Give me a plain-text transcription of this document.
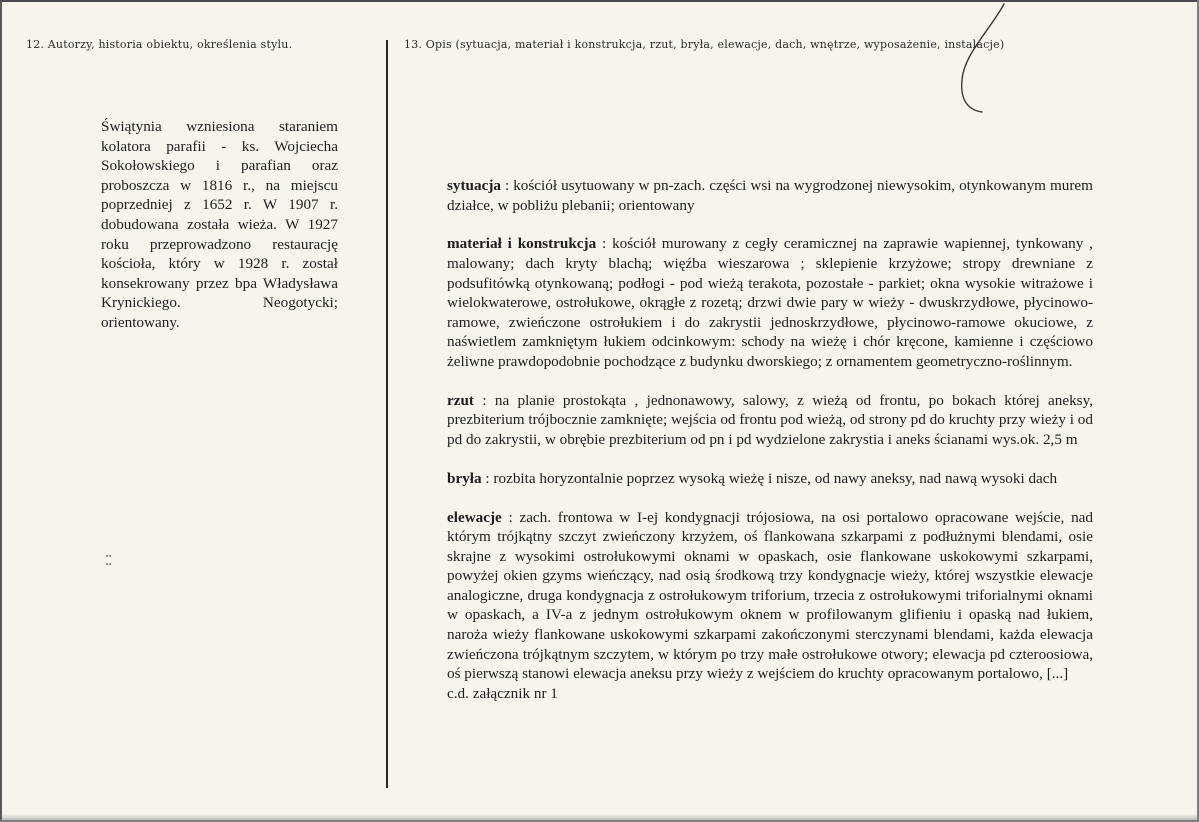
12. Autorzy, historia obiektu, określenia stylu.	13. Opis (sytuacja, materiał i konstrukcja, rzut, bryła, elewacje, dach, wnętrze, wyposażenie, instalacje)
Świątynia wzniesiona staraniem kolatora parafii - ks. Wojciecha Sokołowskiego i parafian oraz proboszcza w 1816 r., na miejscu poprzedniej z 1652 r. W 1907 r. dobudowana została wieża. W 1927 roku przeprowadzono restaurację kościoła, który w 1928 r. został konsekrowany przez bpa Władysława Krynickiego. Neogotycki; orientowany.
⁚⁚
sytuacja : kościół usytuowany w pn-zach. części wsi na wygrodzonej niewysokim, otynkowanym murem działce, w pobliżu plebanii; orientowany
materiał i konstrukcja : kościół murowany z cegły ceramicznej na zaprawie wapiennej, tynkowany , malowany; dach kryty blachą; więźba wieszarowa ; sklepienie krzyżowe; stropy drewniane z podsufitówką otynkowaną; podłogi - pod wieżą terakota, pozostałe - parkiet; okna wysokie witrażowe i wielokwaterowe, ostrołukowe, okrągłe z rozetą; drzwi dwie pary w wieży - dwuskrzydłowe, płycinowo-ramowe, zwieńczone ostrołukiem i do zakrystii jednoskrzydłowe, płycinowo-ramowe okuciowe, z naświetlem zamkniętym łukiem odcinkowym: schody na wieżę i chór kręcone, kamienne i częściowo żeliwne prawdopodobnie pochodzące z budynku dworskiego; z ornamentem geometryczno-roślinnym.
rzut : na planie prostokąta , jednonawowy, salowy, z wieżą od frontu, po bokach której aneksy, prezbiterium trójbocznie zamknięte; wejścia od frontu pod wieżą, od strony pd do kruchty przy wieży i od pd do zakrystii, w obrębie prezbiterium od pn i pd wydzielone zakrystia i aneks ścianami wys.ok. 2,5 m
bryła : rozbita horyzontalnie poprzez wysoką wieżę i nisze, od nawy aneksy, nad nawą wysoki dach
elewacje : zach. frontowa w I-ej kondygnacji trójosiowa, na osi portalowo opracowane wejście, nad którym trójkątny szczyt zwieńczony krzyżem, oś flankowana szkarpami z podłużnymi blendami, osie skrajne z wysokimi ostrołukowymi oknami w opaskach, osie flankowane uskokowymi szkarpami, powyżej okien gzyms wieńczący, nad osią środkową trzy kondygnacje wieży, której wszystkie elewacje analogiczne, druga kondygnacja z ostrołukowym triforium, trzecia z ostrołukowymi triforialnymi oknami w opaskach, a IV-a z jednym ostrołukowym oknem w profilowanym glifieniu i opaską nad łukiem, naroża wieży flankowane uskokowymi szkarpami zakończonymi sterczynami blendami, każda elewacja zwieńczona trójkątnym szczytem, w którym po trzy małe ostrołukowe otwory; elewacja pd czteroosiowa, oś pierwszą stanowi elewacja aneksu przy wieży z wejściem do kruchty opracowanym portalowo, [...]
c.d. załącznik nr 1
